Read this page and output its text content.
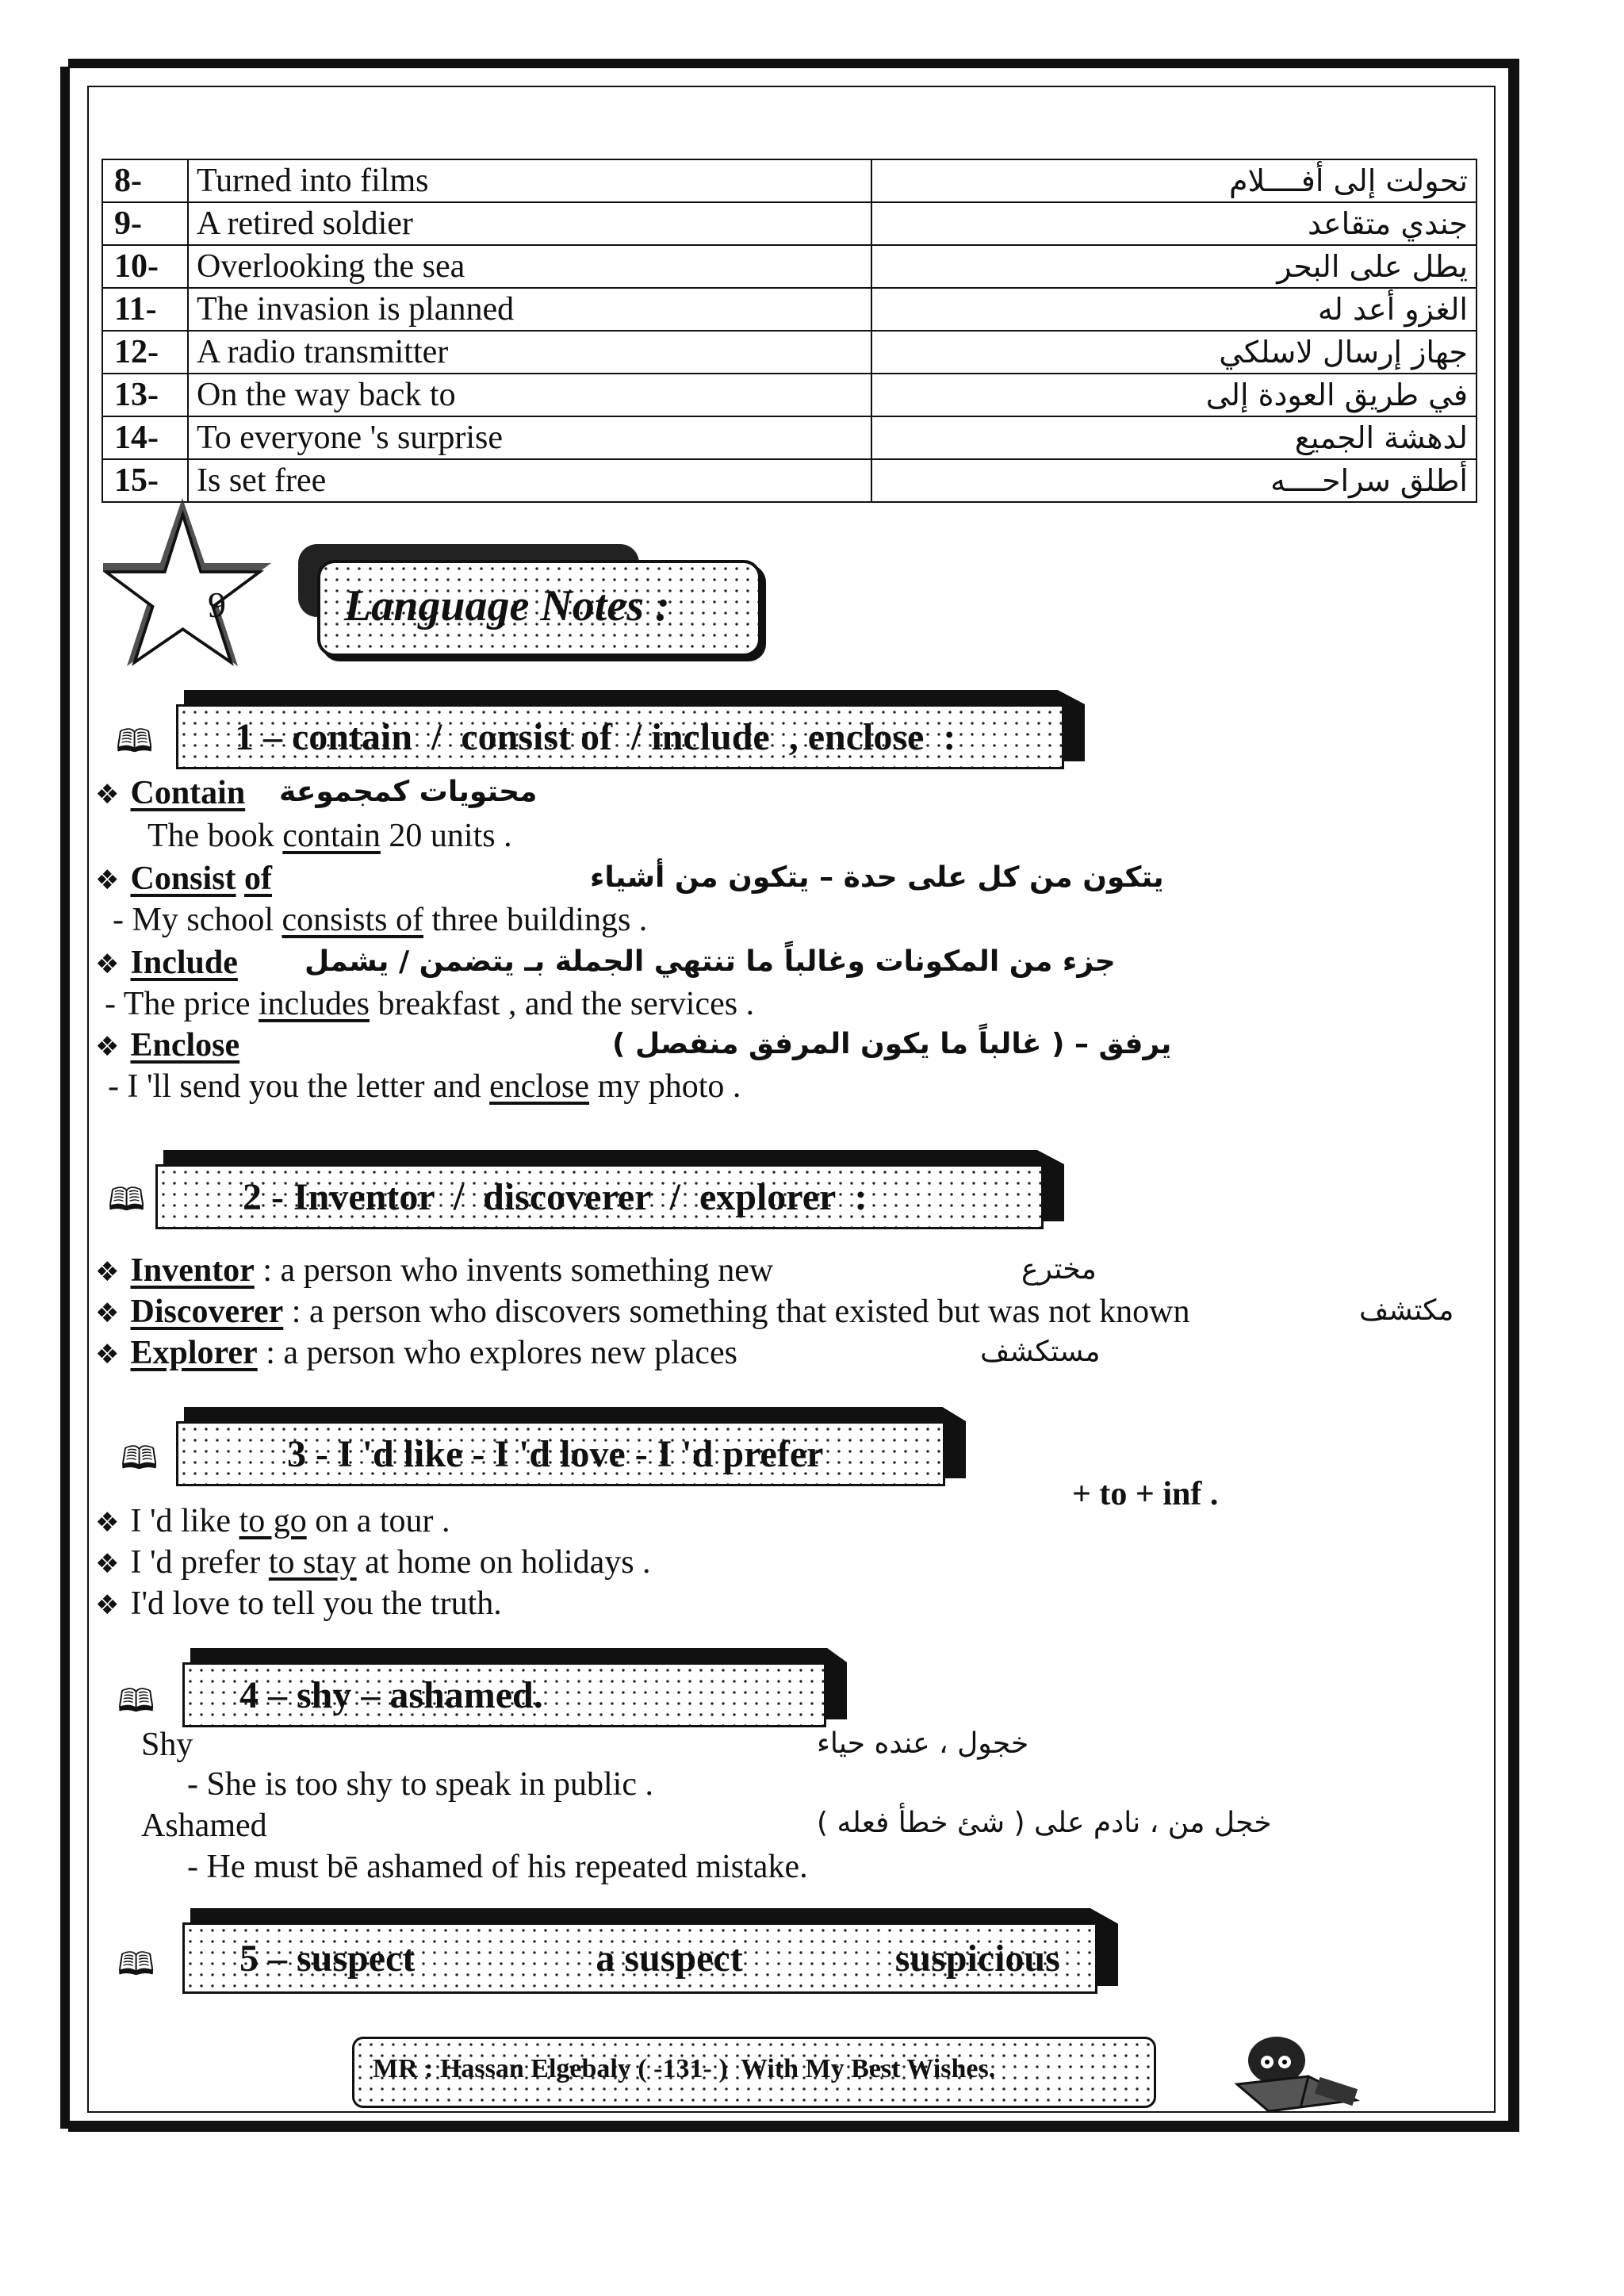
8-	Turned into films	تحولت إلى أفــــلام
9-	A retired soldier	جندي متقاعد
10-	Overlooking the sea	يطل على البحر
11-	The invasion is planned	الغزو أعد له
12-	A radio transmitter	جهاز إرسال لاسلكي
13-	On the way back to	في طريق العودة إلى
14-	To everyone 's surprise	لدهشة الجميع
15-	Is set free	أطلق سراحــــه
9	Language Notes :
🕮	1 – contain  /  consist of  / include  , enclose  :
❖ Contain محتويات كمجموعة
The book contain 20 units .
❖ Consist of	يتكون من كل على حدة – يتكون من أشياء
- My school consists of three buildings .
❖ Include جزء من المكونات وغالباً ما تنتهي الجملة بـ يتضمن / يشمل
- The price includes breakfast , and the services .
❖ Enclose	يرفق – ( غالباً ما يكون المرفق منفصل )
- I 'll send you the letter and enclose my photo .
🕮	2 - Inventor  /  discoverer  /  explorer  :
❖ Inventor : a person who invents something new	مخترع
❖ Discoverer : a person who discovers something that existed but was not known	مكتشف
❖ Explorer : a person who explores new places	مستكشف
🕮	3 - I 'd like - I 'd love - I 'd prefer
+ to + inf .
❖ I 'd like to go on a tour .
❖ I 'd prefer to stay at home on holidays .
❖ I'd love to tell you the truth.
🕮	4 – shy – ashamed.
Shy	خجول ، عنده حياء
- She is too shy to speak in public .
Ashamed	خجل من ، نادم على ( شئ خطأ فعله )
- He must bē ashamed of his repeated mistake.
🕮	5 – suspect                   a suspect                suspicious
MR : Hassan Elgebaly ( -131- )  With My Best Wishes.
